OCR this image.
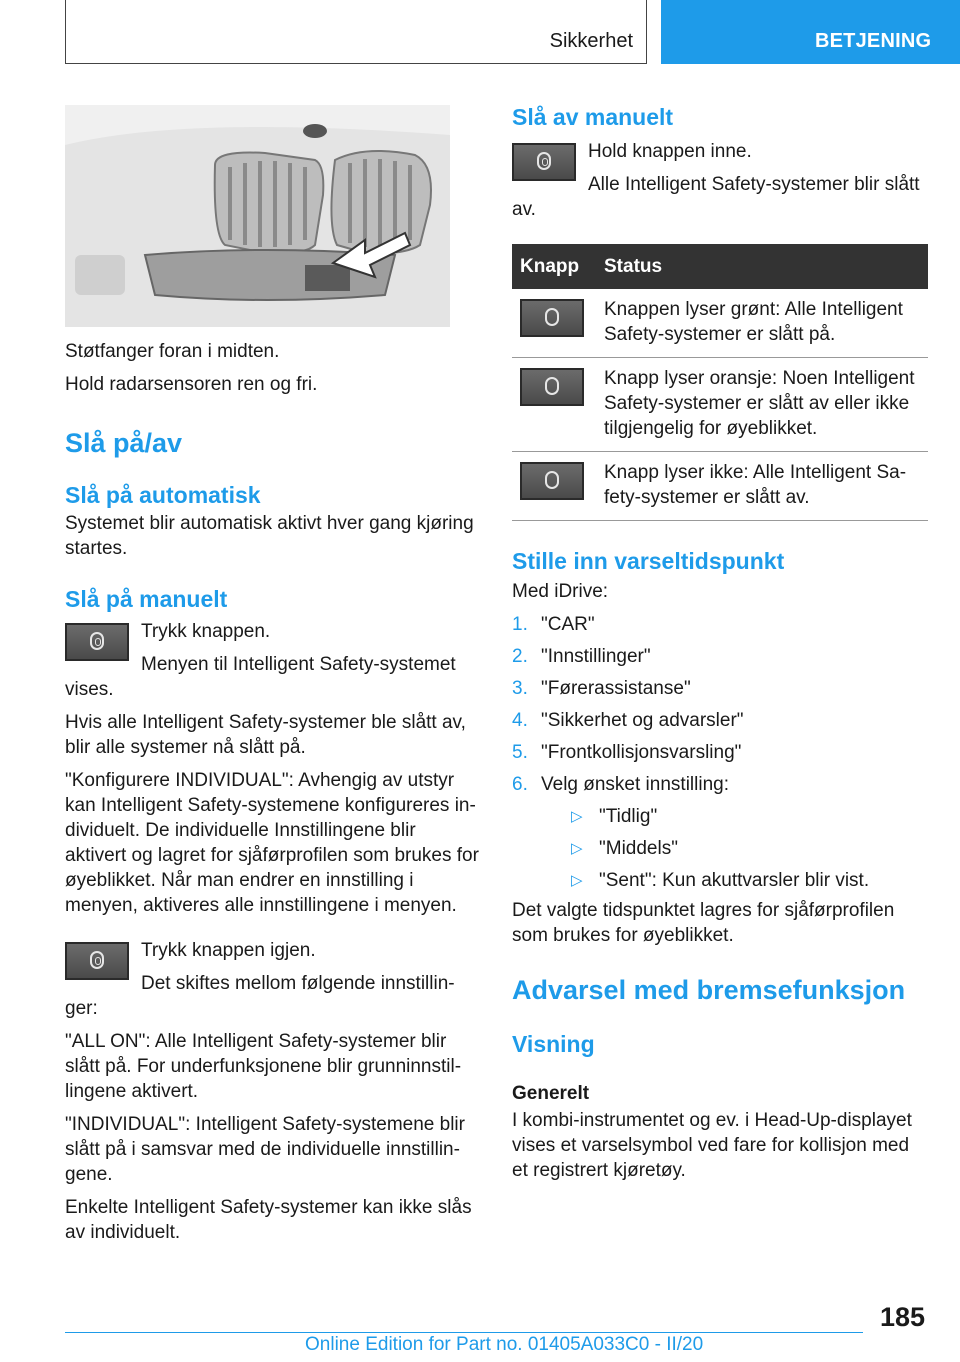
Sikkerhet	BETJENING

Støtfanger foran i midten.

Hold radarsensoren ren og fri.

Slå på/av
Slå på automatisk

Systemet blir automatisk aktivt hver gang kjøring startes.

Slå på manuelt

Trykk knappen.

Menyen til Intelligent Safety-systemet vises.

Hvis alle Intelligent Safety-systemer ble slått av, blir alle systemer nå slått på.

"Konfigurere INDIVIDUAL": Avhengig av utstyr kan Intelligent Safety-systemene konfigureres individuelt. De individuelle Innstillingene blir aktivert og lagret for sjåførprofilen som brukes for øyeblikket. Når man endrer en innstilling i menyen, aktiveres alle innstillingene i menyen.

Trykk knappen igjen.

Det skiftes mellom følgende innstillinger:

"ALL ON": Alle Intelligent Safety-systemer blir slått på. For underfunksjonene blir grunninnstillingene aktivert.

"INDIVIDUAL": Intelligent Safety-systemene blir slått på i samsvar med de individuelle innstillingene.

Enkelte Intelligent Safety-systemer kan ikke slås av individuelt.

Slå av manuelt

Hold knappen inne.

Alle Intelligent Safety-systemer blir slått av.

Knapp	Status

	Knappen lyser grønt: Alle Intelligent Safety-systemer er slått på.

	Knapp lyser oransje: Noen Intelligent Safety-systemer er slått av eller ikke tilgjengelig for øyeblikket.

	Knapp lyser ikke: Alle Intelligent Safety-systemer er slått av.
Stille inn varseltidspunkt

Med iDrive:

1. "CAR"
2. "Innstillinger"
3. "Førerassistanse"
4. "Sikkerhet og advarsler"
5. "Frontkollisjonsvarsling"
6. Velg ønsket innstilling:
▷ "Tidlig"
▷ "Middels"
▷ "Sent": Kun akuttvarsler blir vist.

Det valgte tidspunktet lagres for sjåførprofilen som brukes for øyeblikket.

Advarsel med bremsefunksjon
Visning
Generelt

I kombi-instrumentet og ev. i Head-Up-displayet vises et varselsymbol ved fare for kollisjon med et registrert kjøretøy.

185
Online Edition for Part no. 01405A033C0 - II/20
